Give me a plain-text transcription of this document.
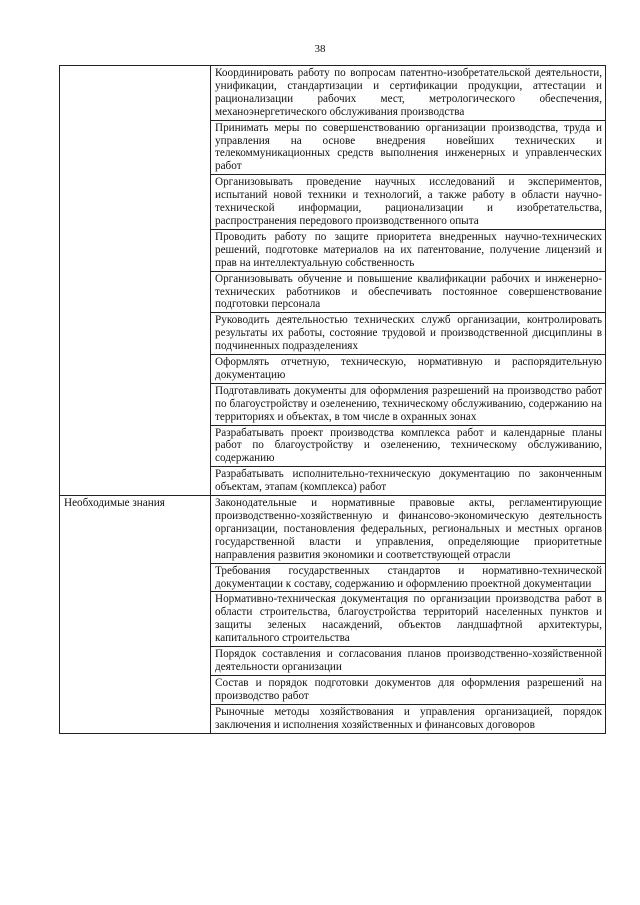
38
	Координировать работу по вопросам патентно-изобретательской деятельности, унификации, стандартизации и сертификации продукции, аттестации и рационализации рабочих мест, метрологического обеспечения, механоэнергетического обслуживания производства
	Принимать меры по совершенствованию организации производства, труда и управления на основе внедрения новейших технических и телекоммуникационных средств выполнения инженерных и управленческих работ
	Организовывать проведение научных исследований и экспериментов, испытаний новой техники и технологий, а также работу в области научно-технической информации, рационализации и изобретательства, распространения передового производственного опыта
	Проводить работу по защите приоритета внедренных научно-технических решений, подготовке материалов на их патентование, получение лицензий и прав на интеллектуальную собственность
	Организовывать обучение и повышение квалификации рабочих и инженерно-технических работников и обеспечивать постоянное совершенствование подготовки персонала
	Руководить деятельностью технических служб организации, контролировать результаты их работы, состояние трудовой и производственной дисциплины в подчиненных подразделениях
	Оформлять отчетную, техническую, нормативную и распорядительную документацию
	Подготавливать документы для оформления разрешений на производство работ по благоустройству и озеленению, техническому обслуживанию, содержанию на территориях и объектах, в том числе в охранных зонах
	Разрабатывать проект производства комплекса работ и календарные планы работ по благоустройству и озеленению, техническому обслуживанию, содержанию
	Разрабатывать исполнительно-техническую документацию по законченным объектам, этапам (комплекса) работ
Необходимые знания	Законодательные и нормативные правовые акты, регламентирующие производственно-хозяйственную и финансово-экономическую деятельность организации, постановления федеральных, региональных и местных органов государственной власти и управления, определяющие приоритетные направления развития экономики и соответствующей отрасли
	Требования государственных стандартов и нормативно-технической документации к составу, содержанию и оформлению проектной документации
	Нормативно-техническая документация по организации производства работ в области строительства, благоустройства территорий населенных пунктов и защиты зеленых насаждений, объектов ландшафтной архитектуры, капитального строительства
	Порядок составления и согласования планов производственно-хозяйственной деятельности организации
	Состав и порядок подготовки документов для оформления разрешений на производство работ
	Рыночные методы хозяйствования и управления организацией, порядок заключения и исполнения хозяйственных и финансовых договоров
